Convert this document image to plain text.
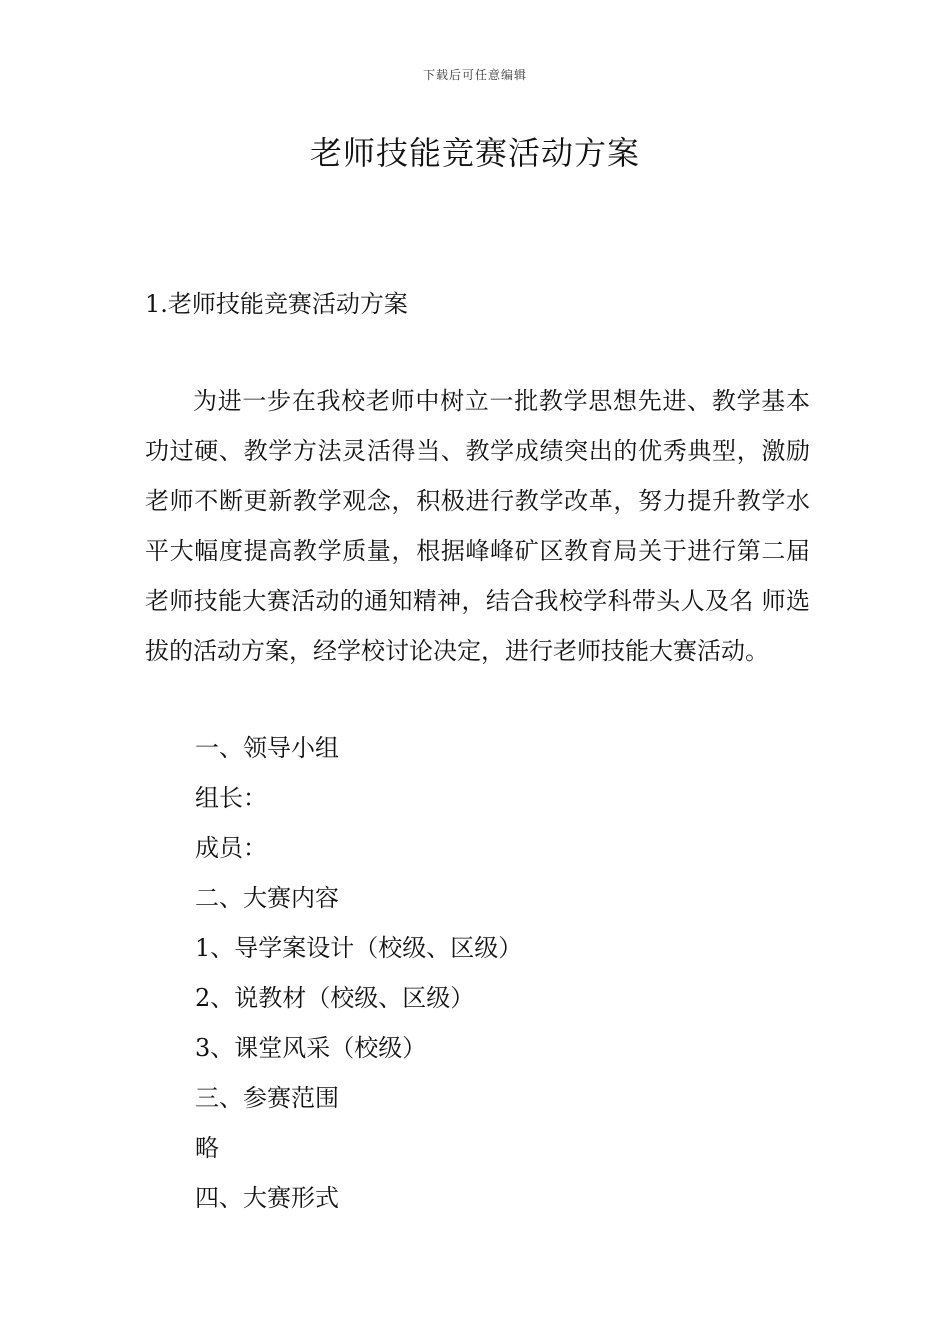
下载后可任意编辑
老师技能竞赛活动方案
1.老师技能竞赛活动方案

为进一步在我校老师中树立一批教学思想先进、教学基本功过硬、教学方法灵活得当、教学成绩突出的优秀典型，激励老师不断更新教学观念，积极进行教学改革，努力提升教学水平大幅度提高教学质量，根据峰峰矿区教育局关于进行第二届老师技能大赛活动的通知精神，结合我校学科带头人及名 师选拔的活动方案，经学校讨论决定，进行老师技能大赛活动。

一、领导小组
组长：
成员：
二、大赛内容
1、导学案设计（校级、区级）
2、说教材（校级、区级）
3、课堂风采（校级）
三、参赛范围
略
四、大赛形式
